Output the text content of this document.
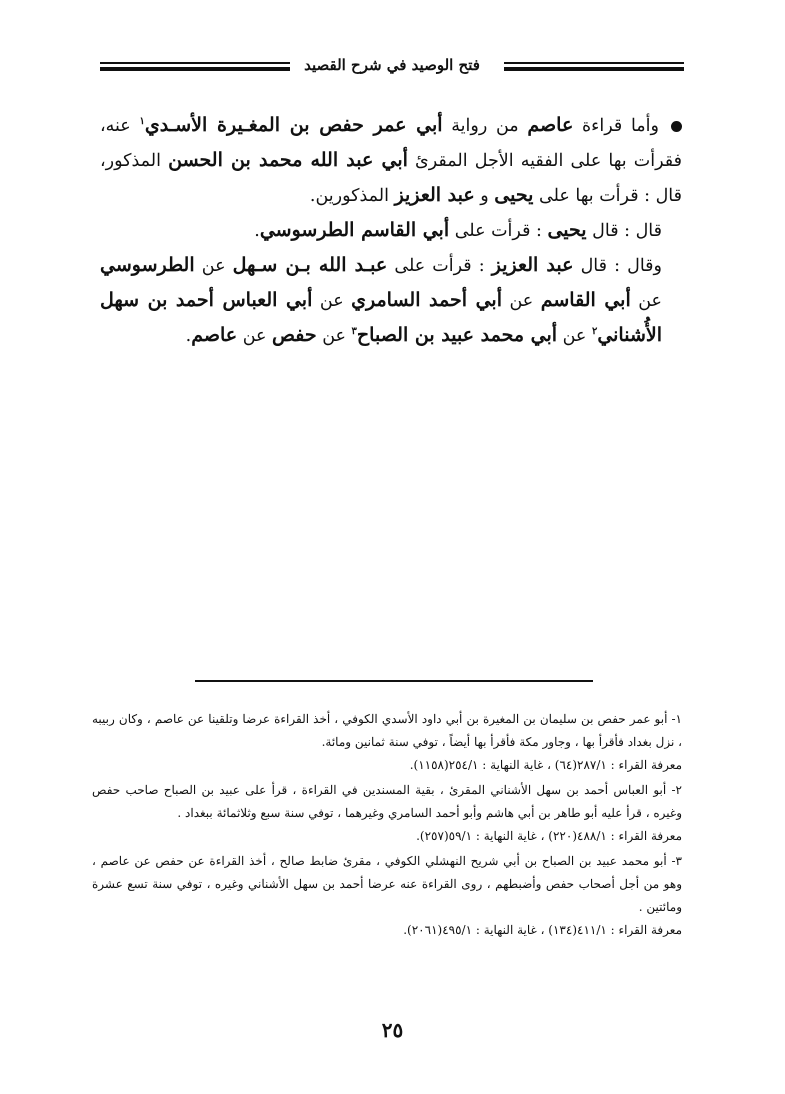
فتح الوصيد في شرح القصيد

وأما قراءة عاصم من رواية أبي عمر حفص بن المغـيرة الأسـدي$^١$ عنه، فقرأت بها على الفقيه الأجل المقرئ أبي عبد الله محمد بن الحسن المذكور، قال : قرأت بها على يحيى و عبد العزيز المذكورين.

قال : قال يحيى : قرأت على أبي القاسم الطرسوسي.

وقال : قال عبد العزيز : قرأت على عبـد الله بـن سـهل عن الطرسوسي عن أبي القاسم عن أبي أحمد السامري عن أبي العباس أحمد بن سهل الأُشناني$^٢$ عن أبي محمد عبيد بن الصباح$^٣$ عن حفص عن عاصم.

١- أبو عمر حفص بن سليمان بن المغيرة بن أبي داود الأسدي الكوفي ، أخذ القراءة عرضا وتلقينا عن عاصم ، وكان ربيبه ، نزل بغداد فأقرأ بها ، وجاور مكة فأقرأ بها أيضاً ، توفي سنة ثمانين ومائة.

معرفة القراء : ٢٨٧/١(٦٤) ، غاية النهاية : ٢٥٤/١(١١٥٨).

٢- أبو العباس أحمد بن سهل الأشناني المقرئ ، بقية المسندين في القراءة ، قرأ على عبيد بن الصباح صاحب حفص وغيره ، قرأ عليه أبو طاهر بن أبي هاشم وأبو أحمد السامري وغيرهما ، توفي سنة سبع وثلاثمائة ببغداد .

معرفة القراء : ٤٨٨/١(٢٢٠) ، غاية النهاية : ٥٩/١(٢٥٧).

٣- أبو محمد عبيد بن الصباح بن أبي شريح النهشلي الكوفي ، مقرئ ضابط صالح ، أخذ القراءة عن حفص عن عاصم ، وهو من أجل أصحاب حفص وأضبطهم ، روى القراءة عنه عرضا أحمد بن سهل الأشناني وغيره ، توفي سنة تسع عشرة ومائتين .

معرفة القراء : ٤١١/١(١٣٤) ، غاية النهاية : ٤٩٥/١(٢٠٦١).

٢٥
